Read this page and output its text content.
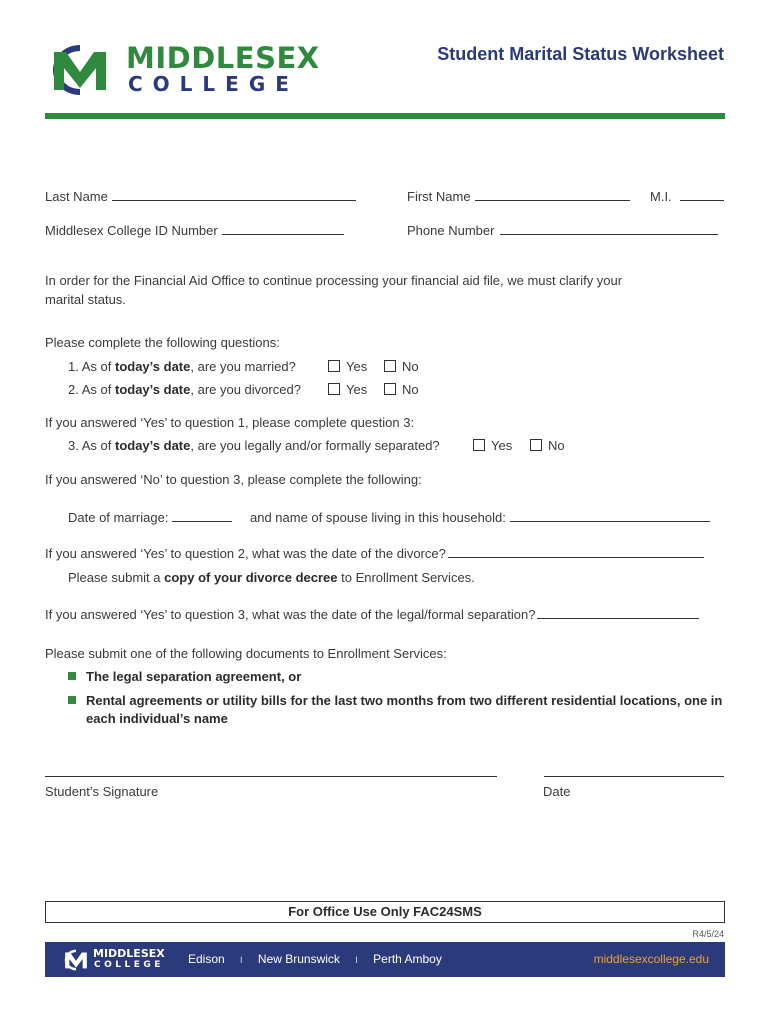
MIDDLESEX
COLLEGE
Student Marital Status Worksheet
Last Name	First Name	M.I.
Middlesex College ID Number	Phone Number
In order for the Financial Aid Office to continue processing your financial aid file, we must clarify your
marital status.
Please complete the following questions:
1. As of today’s date, are you married?	Yes	No
2. As of today’s date, are you divorced?	Yes	No
If you answered ‘Yes’ to question 1, please complete question 3:
3. As of today’s date, are you legally and/or formally separated?	Yes	No
If you answered ‘No’ to question 3, please complete the following:
Date of marriage:	and name of spouse living in this household:
If you answered ‘Yes’ to question 2, what was the date of the divorce?
Please submit a copy of your divorce decree to Enrollment Services.
If you answered ‘Yes’ to question 3, what was the date of the legal/formal separation?
Please submit one of the following documents to Enrollment Services:
The legal separation agreement, or
Rental agreements or utility bills for the last two months from two different residential locations, one in
each individual’s name
Student’s Signature	Date
For Office Use Only FAC24SMS
R4/5/24
MIDDLESEX
COLLEGE Edison I New Brunswick I Perth Amboy	middlesexcollege.edu
